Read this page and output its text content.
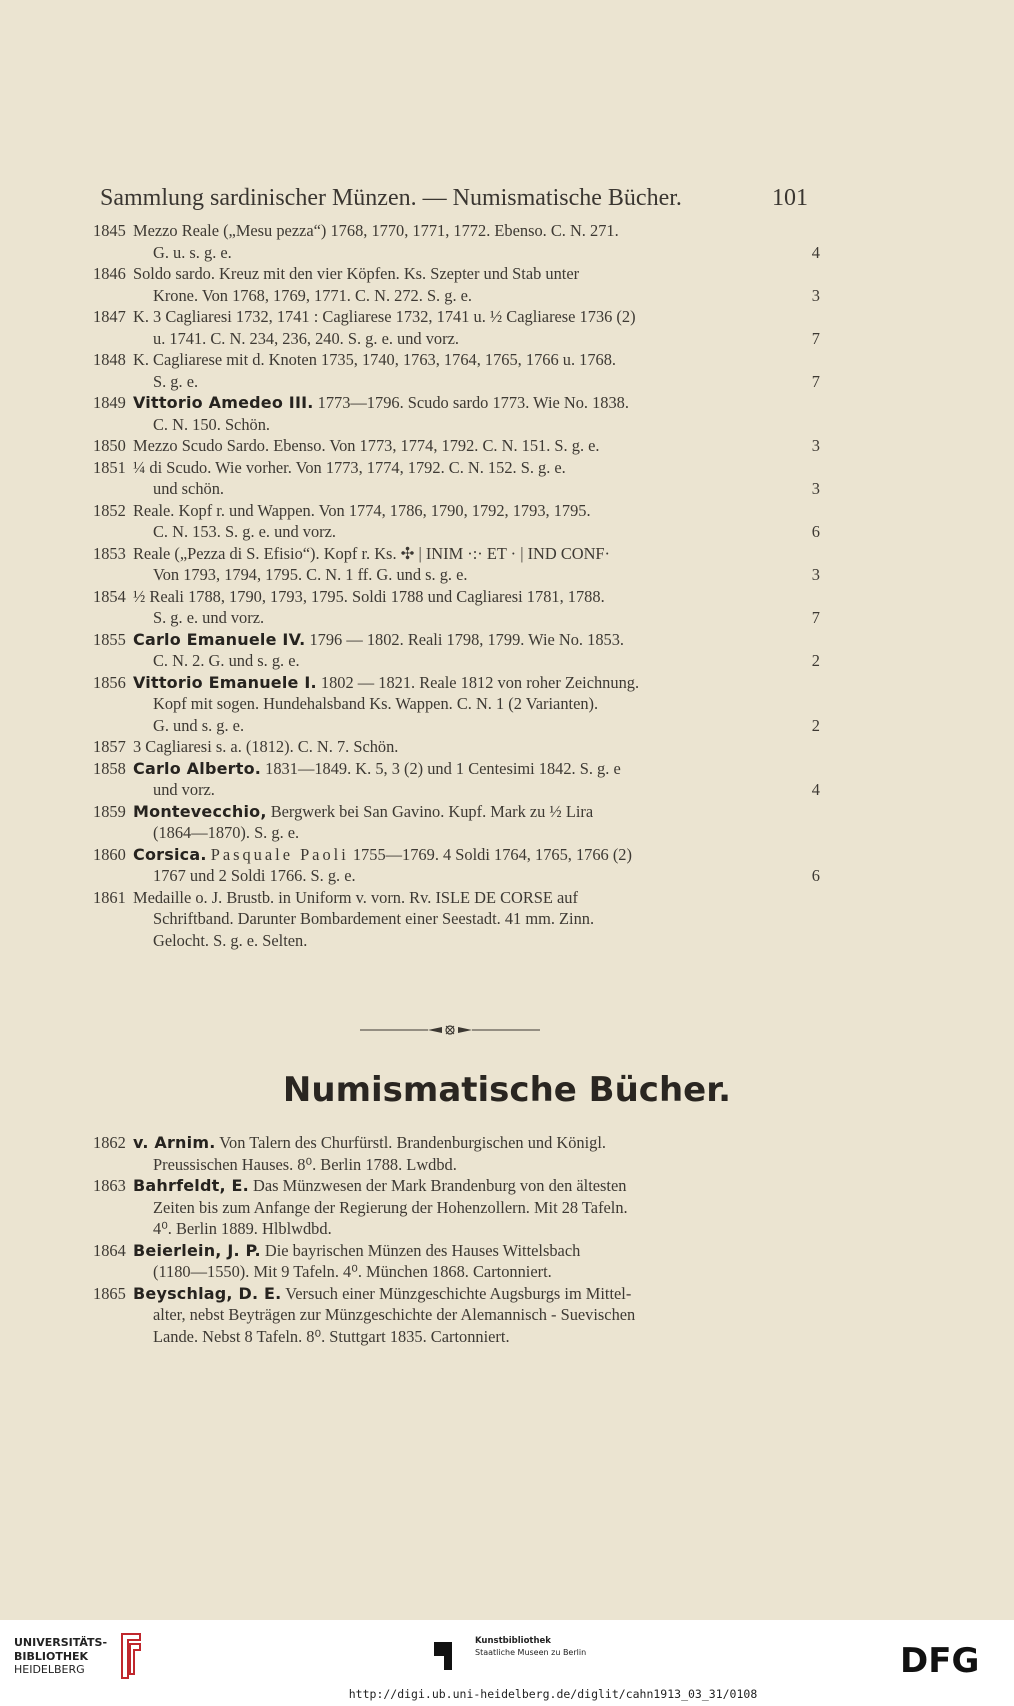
Sammlung sardinischer Münzen. — Numismatische Bücher.	101
1845 Mezzo Reale („Mesu pezza“) 1768, 1770, 1771, 1772. Ebenso. C. N. 271.
G. u. s. g. e.	4
1846 Soldo sardo. Kreuz mit den vier Köpfen. Ks. Szepter und Stab unter
Krone. Von 1768, 1769, 1771. C. N. 272. S. g. e.	3
1847 K. 3 Cagliaresi 1732, 1741 : Cagliarese 1732, 1741 u. ½ Cagliarese 1736 (2)
u. 1741. C. N. 234, 236, 240. S. g. e. und vorz.	7
1848 K. Cagliarese mit d. Knoten 1735, 1740, 1763, 1764, 1765, 1766 u. 1768.
S. g. e.	7
1849 Vittorio Amedeo III. 1773—1796. Scudo sardo 1773. Wie No. 1838.
C. N. 150. Schön.
1850 Mezzo Scudo Sardo. Ebenso. Von 1773, 1774, 1792. C. N. 151. S. g. e.	3
1851 ¼ di Scudo. Wie vorher. Von 1773, 1774, 1792. C. N. 152. S. g. e.
und schön.	3
1852 Reale. Kopf r. und Wappen. Von 1774, 1786, 1790, 1792, 1793, 1795.
C. N. 153. S. g. e. und vorz.	6
1853 Reale („Pezza di S. Efisio“). Kopf r. Ks. ✣ | INIM ·:· ET · | IND CONF·
Von 1793, 1794, 1795. C. N. 1 ff. G. und s. g. e.	3
1854 ½ Reali 1788, 1790, 1793, 1795. Soldi 1788 und Cagliaresi 1781, 1788.
S. g. e. und vorz.	7
1855 Carlo Emanuele IV. 1796 — 1802. Reali 1798, 1799. Wie No. 1853.
C. N. 2. G. und s. g. e.	2
1856 Vittorio Emanuele I. 1802 — 1821. Reale 1812 von roher Zeichnung.
Kopf mit sogen. Hundehalsband Ks. Wappen. C. N. 1 (2 Varianten).
G. und s. g. e.	2
1857 3 Cagliaresi s. a. (1812). C. N. 7. Schön.
1858 Carlo Alberto. 1831—1849. K. 5, 3 (2) und 1 Centesimi 1842. S. g. e
und vorz.	4
1859 Montevecchio, Bergwerk bei San Gavino. Kupf. Mark zu ½ Lira
(1864—1870). S. g. e.
1860 Corsica. Pasquale Paoli 1755—1769. 4 Soldi 1764, 1765, 1766 (2)
1767 und 2 Soldi 1766. S. g. e.	6
1861 Medaille o. J. Brustb. in Uniform v. vorn. Rv. ISLE DE CORSE auf
Schriftband. Darunter Bombardement einer Seestadt. 41 mm. Zinn.
Gelocht. S. g. e. Selten.
Numismatische Bücher.
1862 v. Arnim. Von Talern des Churfürstl. Brandenburgischen und Königl.
Preussischen Hauses. 8⁰. Berlin 1788. Lwdbd.
1863 Bahrfeldt, E. Das Münzwesen der Mark Brandenburg von den ältesten
Zeiten bis zum Anfange der Regierung der Hohenzollern. Mit 28 Tafeln.
4⁰. Berlin 1889. Hlblwdbd.
1864 Beierlein, J. P. Die bayrischen Münzen des Hauses Wittelsbach
(1180—1550). Mit 9 Tafeln. 4⁰. München 1868. Cartonniert.
1865 Beyschlag, D. E. Versuch einer Münzgeschichte Augsburgs im Mittel-
alter, nebst Beyträgen zur Münzgeschichte der Alemannisch - Suevischen
Lande. Nebst 8 Tafeln. 8⁰. Stuttgart 1835. Cartonniert.
UNIVERSITÄTS-
BIBLIOTHEK
HEIDELBERG
Kunstbibliothek
Staatliche Museen zu Berlin	DFG
http://digi.ub.uni-heidelberg.de/diglit/cahn1913_03_31/0108
